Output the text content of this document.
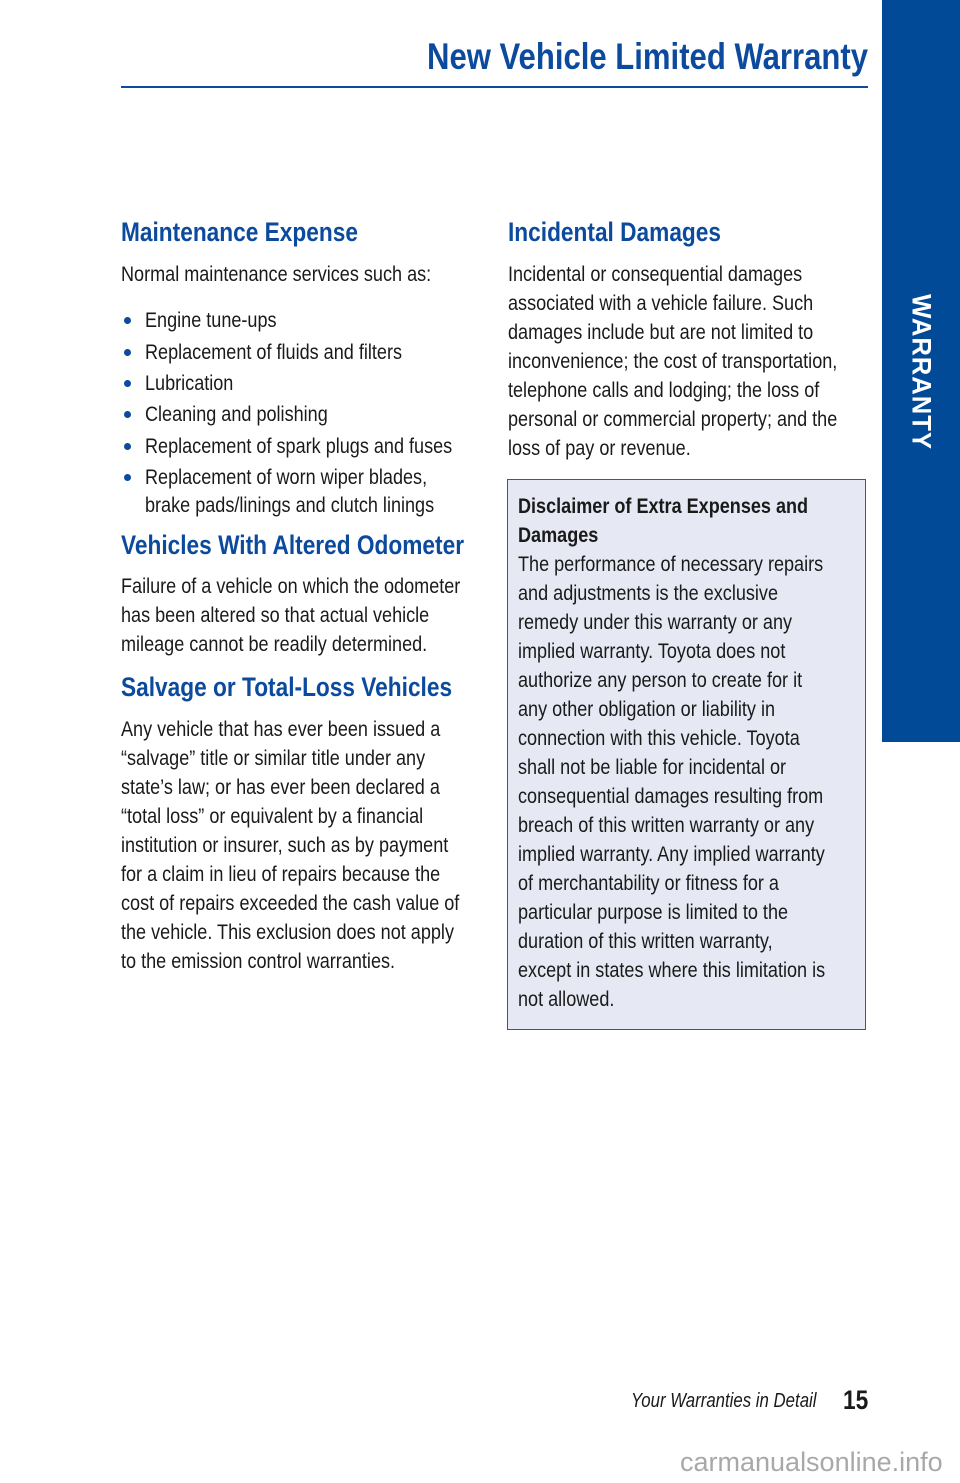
New Vehicle Limited Warranty
WARRANTY
Maintenance Expense
Normal maintenance services such as:
Engine tune-ups
Replacement of fluids and filters
Lubrication
Cleaning and polishing
Replacement of spark plugs and fuses
Replacement of worn wiper blades,
brake pads/linings and clutch linings
Vehicles With Altered Odometer
Failure of a vehicle on which the odometer
has been altered so that actual vehicle
mileage cannot be readily determined.
Salvage or Total-Loss Vehicles
Any vehicle that has ever been issued a
“salvage” title or similar title under any
state’s law; or has ever been declared a
“total loss” or equivalent by a financial
institution or insurer, such as by payment
for a claim in lieu of repairs because the
cost of repairs exceeded the cash value of
the vehicle. This exclusion does not apply
to the emission control warranties.
Incidental Damages
Incidental or consequential damages
associated with a vehicle failure. Such
damages include but are not limited to
inconvenience; the cost of transportation,
telephone calls and lodging; the loss of
personal or commercial property; and the
loss of pay or revenue.
Disclaimer of Extra Expenses and
Damages
The performance of necessary repairs
and adjustments is the exclusive
remedy under this warranty or any
implied warranty. Toyota does not
authorize any person to create for it
any other obligation or liability in
connection with this vehicle. Toyota
shall not be liable for incidental or
consequential damages resulting from
breach of this written warranty or any
implied warranty. Any implied warranty
of merchantability or fitness for a
particular purpose is limited to the
duration of this written warranty,
except in states where this limitation is
not allowed.
Your Warranties in Detail 15
carmanualsonline.info
